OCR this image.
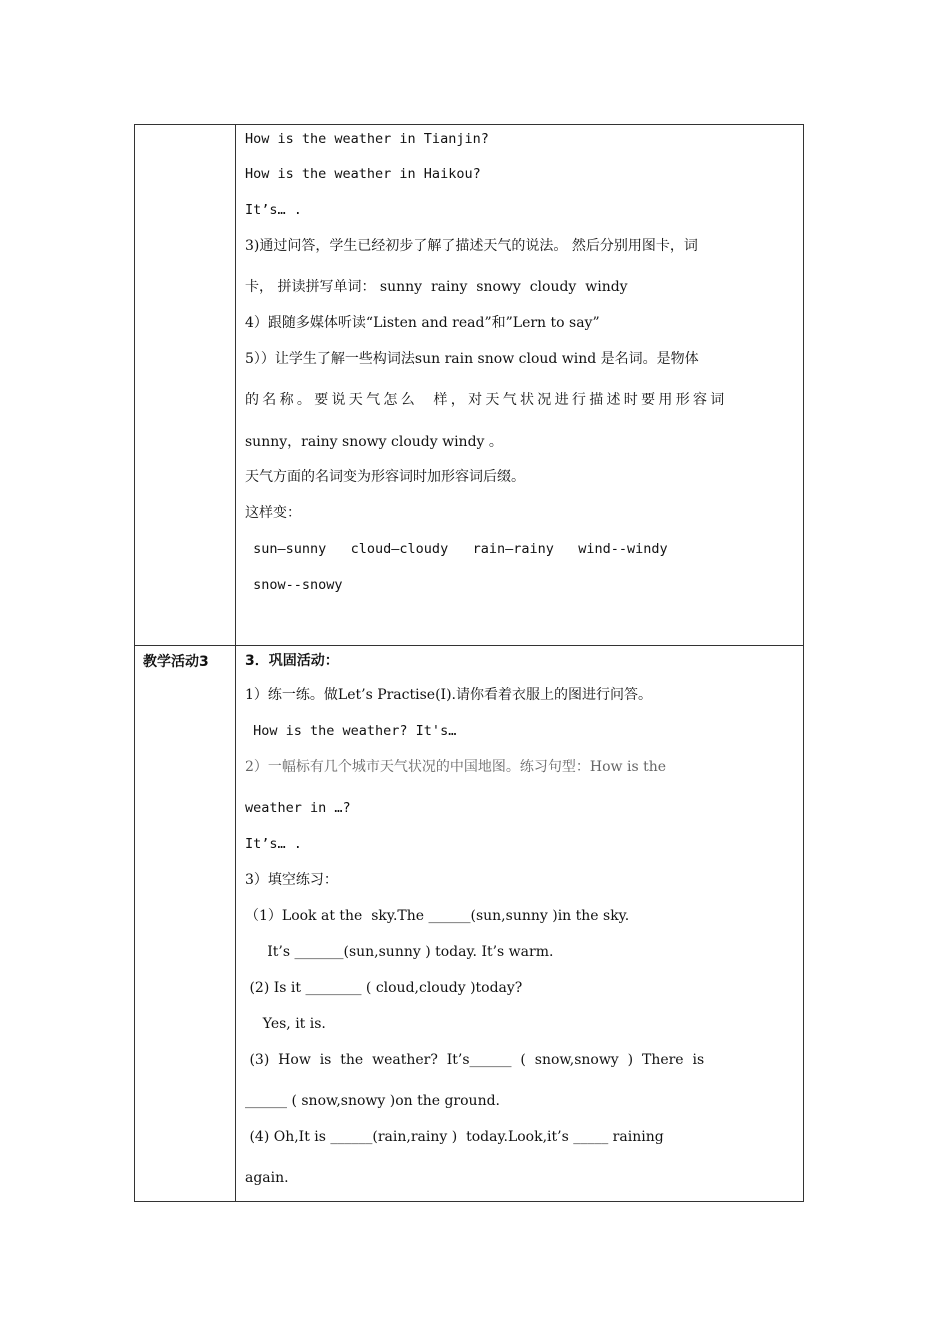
教学活动3
How is the weather in Tianjin?
How is the weather in Haikou?
It’s… .
3)通过问答，学生已经初步了解了描述天气的说法。 然后分别用图卡，词
卡， 拼读拼写单词： sunny  rainy  snowy  cloudy  windy
4）跟随多媒体听读“Listen and read”和”Lern to say”
5））让学生了解一些构词法sun rain snow cloud wind 是名词。是物体
的名称。要说天气怎么  样，对天气状况进行描述时要用形容词
sunny，rainy snowy cloudy windy 。
天气方面的名词变为形容词时加形容词后缀。
这样变：
sun—sunny   cloud—cloudy   rain—rainy   wind--windy
snow--snowy
3．巩固活动：
1）练一练。做Let’s Practise(I).请你看着衣服上的图进行问答。
How is the weather? It's…
2）一幅标有几个城市天气状况的中国地图。练习句型：How is the
weather in …?
It’s… .
3）填空练习：
（1）Look at the  sky.The ______(sun,sunny )in the sky.
It’s _______(sun,sunny ) today. It’s warm.
(2) Is it ________ ( cloud,cloudy )today?
Yes, it is.
(3)  How  is  the  weather?  It’s______  (  snow,snowy  )  There  is
______ ( snow,snowy )on the ground.
(4) Oh,It is ______(rain,rainy )  today.Look,it’s _____ raining
again.
